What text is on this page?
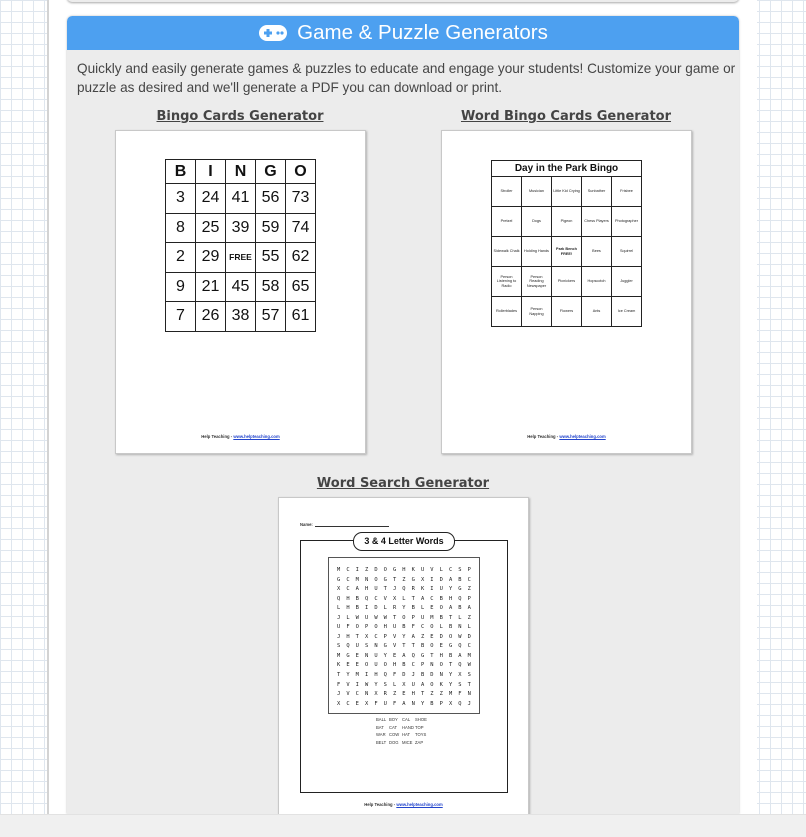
Game & Puzzle Generators

Quickly and easily generate games & puzzles to educate and engage your students! Customize your game or puzzle as desired and we'll generate a PDF you can download or print.

Bingo Cards Generator
B	I	N	G	O
3	24	41	56	73
8	25	39	59	74
2	29	FREE	55	62
9	21	45	58	65
7	26	38	57	61
Help Teaching - www.helpteaching.com
Word Bingo Cards Generator
Day in the Park Bingo
Stroller	Musician	Little Kid Crying	Sunbather	Frisbee
Pretzel	Dogs	Pigeon	Chess Players	Photographer
Sidewalk Chalk	Holding Hands	Park Bench FREE!	Bees	Squirrel
Person Listening to Radio	Person Reading Newspaper	Picnickers	Hopscotch	Juggler
Rollerblades	Person Napping	Flowers	Ants	Ice Cream
Help Teaching - www.helpteaching.com
Word Search Generator
Name:
3 & 4 Letter Words
M C I Z D O G H K U V L C S P
G C M N O G T Z G X I D A B C
X C A H U T J Q R K I U Y G Z
Q H B Q C V X L T A C B H Q P
L H B I D L R Y B L E O A B A
J L W U W W T O P U M B T L Z
U F O P O H U B F C O L B N L
J H T X C P V Y A Z E D O W D
S Q U S N G V T T B O E G Q C
M G E N U Y E A Q G T H B A M
K E E O U O H B C P N O T Q W
T Y M I H Q F D J B D N Y X S
F V I W Y S L X U A O K Y S T
J V C N X R Z E H T Z Z M F N
X C E X F U F A N Y B P X Q J
BALL BOY CAL	SHOE
BAT	CAT	HAND TOP
WAR COW HAT	TOYS
BELT DOG MICE ZAP
Help Teaching - www.helpteaching.com
